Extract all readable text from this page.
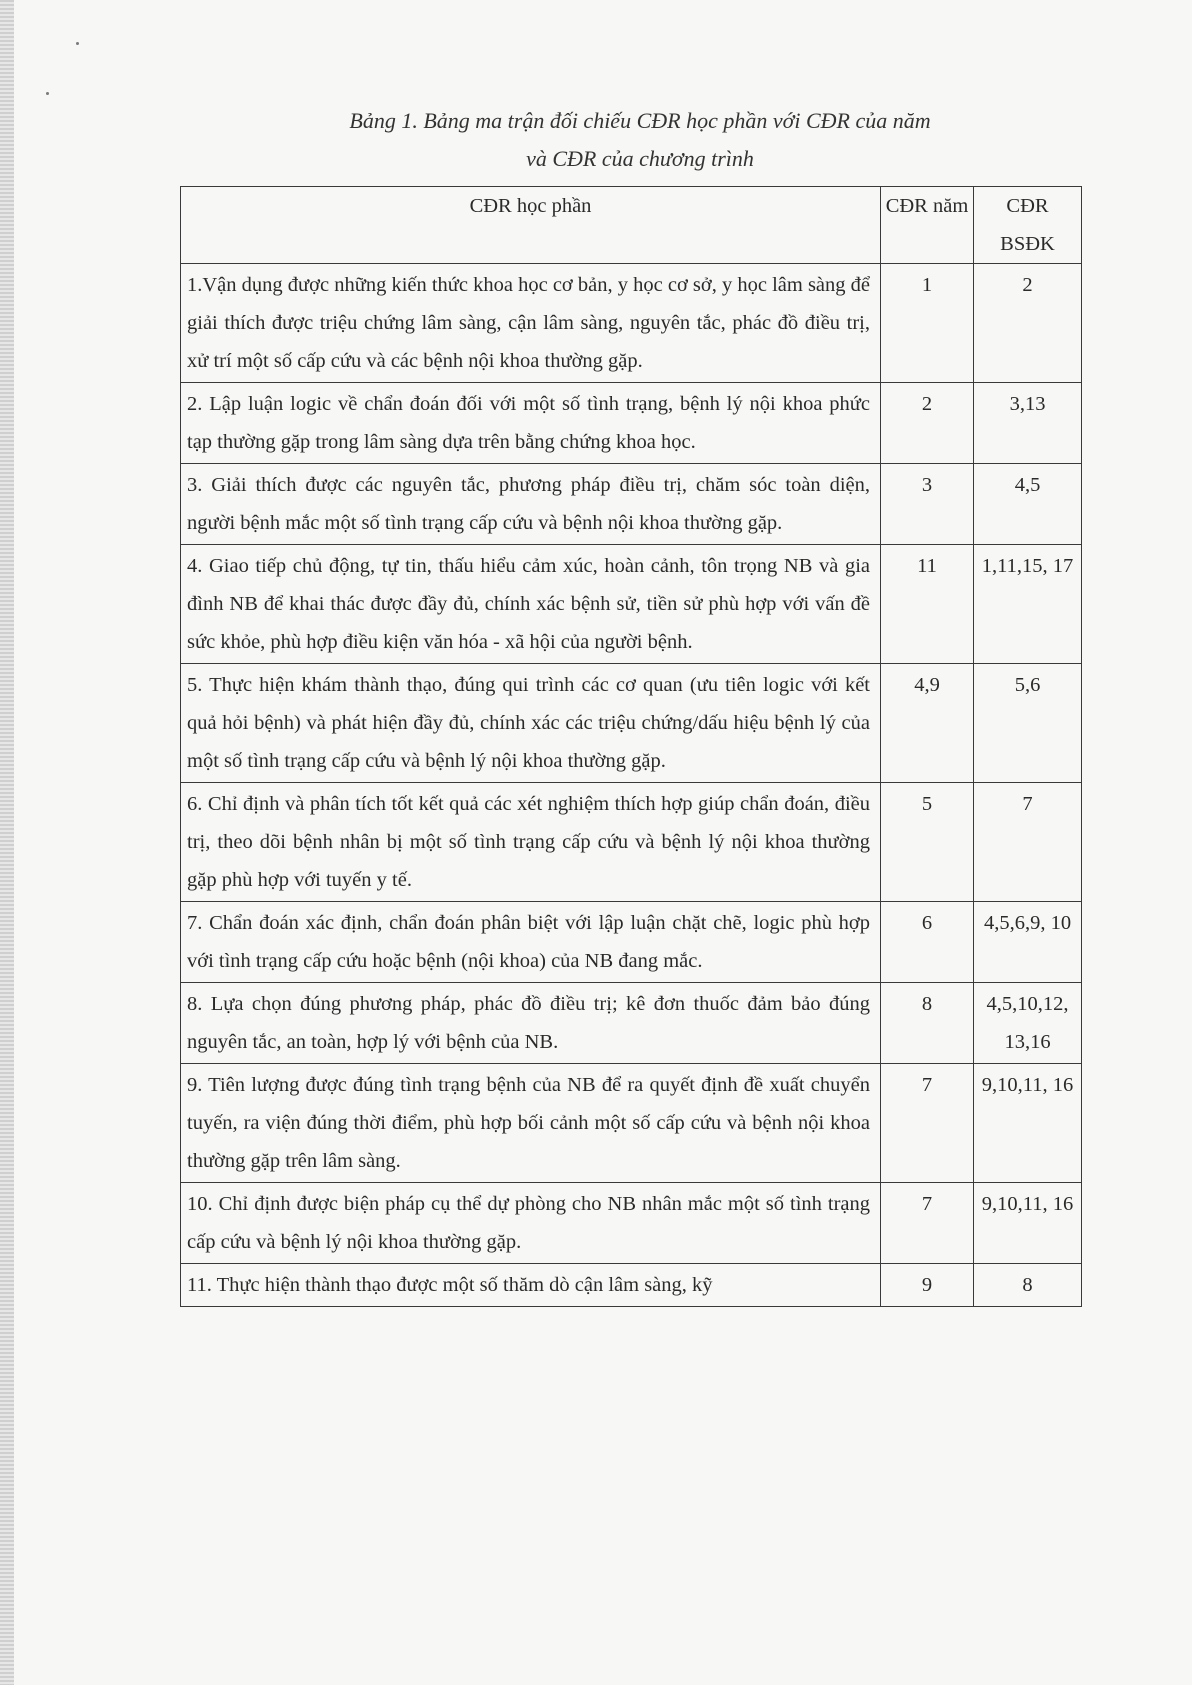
Bảng 1. Bảng ma trận đối chiếu CĐR học phần với CĐR của năm
và CĐR của chương trình
CĐR học phần	CĐR năm	CĐR BSĐK
1.Vận dụng được những kiến thức khoa học cơ bản, y học cơ sở, y học lâm sàng để giải thích được triệu chứng lâm sàng, cận lâm sàng, nguyên tắc, phác đồ điều trị, xử trí một số cấp cứu và các bệnh nội khoa thường gặp.	1	2
2. Lập luận logic về chẩn đoán đối với một số tình trạng, bệnh lý nội khoa phức tạp thường gặp trong lâm sàng dựa trên bằng chứng khoa học.	2	3,13
3. Giải thích được các nguyên tắc, phương pháp điều trị, chăm sóc toàn diện, người bệnh mắc một số tình trạng cấp cứu và bệnh nội khoa thường gặp.	3	4,5
4. Giao tiếp chủ động, tự tin, thấu hiểu cảm xúc, hoàn cảnh, tôn trọng NB và gia đình NB để khai thác được đầy đủ, chính xác bệnh sử, tiền sử phù hợp với vấn đề sức khỏe, phù hợp điều kiện văn hóa - xã hội của người bệnh.	11	1,11,15, 17
5. Thực hiện khám thành thạo, đúng qui trình các cơ quan (ưu tiên logic với kết quả hỏi bệnh) và phát hiện đầy đủ, chính xác các triệu chứng/dấu hiệu bệnh lý của một số tình trạng cấp cứu và bệnh lý nội khoa thường gặp.	4,9	5,6
6. Chỉ định và phân tích tốt kết quả các xét nghiệm thích hợp giúp chẩn đoán, điều trị, theo dõi bệnh nhân bị một số tình trạng cấp cứu và bệnh lý nội khoa thường gặp phù hợp với tuyến y tế.	5	7
7. Chẩn đoán xác định, chẩn đoán phân biệt với lập luận chặt chẽ, logic phù hợp với tình trạng cấp cứu hoặc bệnh (nội khoa) của NB đang mắc.	6	4,5,6,9, 10
8. Lựa chọn đúng phương pháp, phác đồ điều trị; kê đơn thuốc đảm bảo đúng nguyên tắc, an toàn, hợp lý với bệnh của NB.	8	4,5,10,12, 13,16
9. Tiên lượng được đúng tình trạng bệnh của NB để ra quyết định đề xuất chuyển tuyến, ra viện đúng thời điểm, phù hợp bối cảnh một số cấp cứu và bệnh nội khoa thường gặp trên lâm sàng.	7	9,10,11, 16
10. Chỉ định được biện pháp cụ thể dự phòng cho NB nhân mắc một số tình trạng cấp cứu và bệnh lý nội khoa thường gặp.	7	9,10,11, 16
11. Thực hiện thành thạo được một số thăm dò cận lâm sàng, kỹ	9	8
